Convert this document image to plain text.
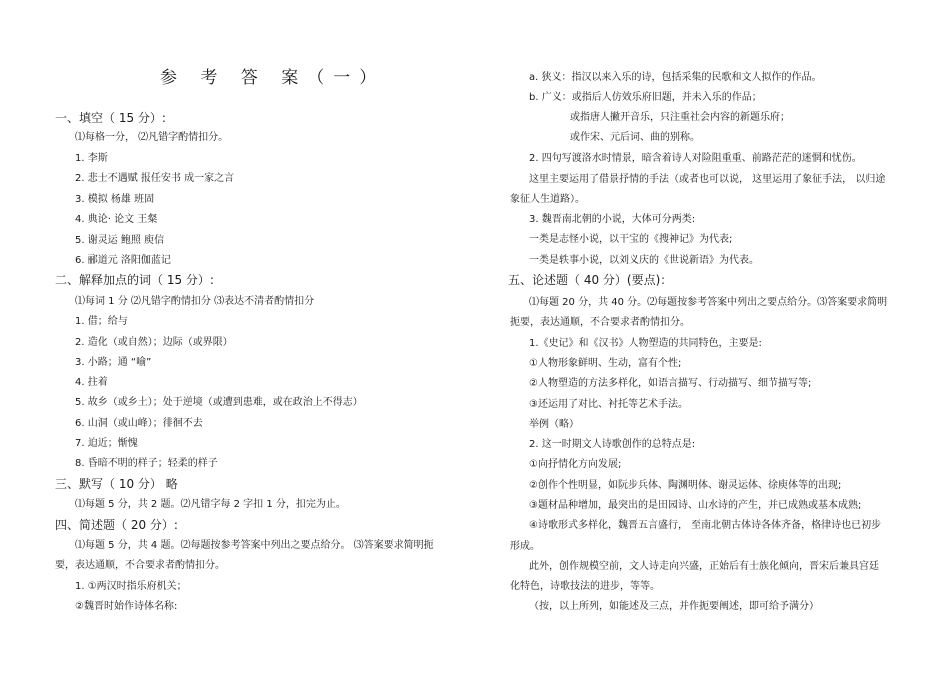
参 考 答 案（一）
一、填空（ 15 分）:
⑴每格一分， ⑵凡错字酌情扣分。
1. 李斯
2. 悲士不遇赋 报任安书 成一家之言
3. 模拟 杨雄 班固
4. 典论· 论文 王粲
5. 谢灵运 鲍照 庾信
6. 郦道元 洛阳伽蓝记
二、解释加点的词（ 15 分）:
⑴每词 1 分 ⑵凡错字酌情扣分 ⑶表达不清者酌情扣分
1. 借；给与
2. 造化（或自然）；边际（或界限）
3. 小路；通 “喻”
4. 拄着
5. 故乡（或乡土）；处于逆境（或遭到患难，或在政治上不得志）
6. 山洞（或山峰）；徘徊不去
7. 迫近；惭愧
8. 昏暗不明的样子；轻柔的样子
三、默写（ 10 分） 略
⑴每题 5 分，共 2 题。⑵凡错字每 2 字扣 1 分，扣完为止。
四、简述题（ 20 分）:
⑴每题 5 分，共 4 题。⑵每题按参考答案中列出之要点给分。 ⑶答案要求简明扼
要，表达通顺，不合要求者酌情扣分。
1. ①两汉时指乐府机关；
②魏晋时始作诗体名称:
a. 狭义：指汉以来入乐的诗，包括采集的民歌和文人拟作的作品。
b. 广义：或指后人仿效乐府旧题，并未入乐的作品；
或指唐人撇开音乐，只注重社会内容的新题乐府；
或作宋、元后词、曲的别称。
2. 四句写渡洛水时情景，暗含着诗人对险阻重重、前路茫茫的迷惘和忧伤。
这里主要运用了借景抒情的手法（或者也可以说， 这里运用了象征手法， 以归途
象征人生道路）。
3. 魏晋南北朝的小说，大体可分两类:
一类是志怪小说，以干宝的《搜神记》为代表;
一类是轶事小说，以刘义庆的《世说新语》为代表。
五、论述题（ 40 分）(要点)：
⑴每题 20 分，共 40 分。⑵每题按参考答案中列出之要点给分。⑶答案要求简明
扼要，表达通顺，不合要求者酌情扣分。
1.《史记》和《汉书》人物塑造的共同特色，主要是:
①人物形象鲜明、生动，富有个性;
②人物塑造的方法多样化，如语言描写、行动描写、细节描写等;
③还运用了对比、衬托等艺术手法。
举例（略）
2. 这一时期文人诗歌创作的总特点是:
①向抒情化方向发展;
②创作个性明显，如阮步兵体、陶渊明体、谢灵运体、徐庾体等的出现;
③题材品种增加，最突出的是田园诗、山水诗的产生，并已成熟或基本成熟;
④诗歌形式多样化，魏晋五言盛行， 至南北朝古体诗各体齐备，格律诗也已初步
形成。
此外，创作规模空前，文人诗走向兴盛，正始后有士族化倾向，晋宋后兼具宫廷
化特色，诗歌技法的进步，等等。
（按，以上所列，如能述及三点，并作扼要阐述，即可给予满分）
